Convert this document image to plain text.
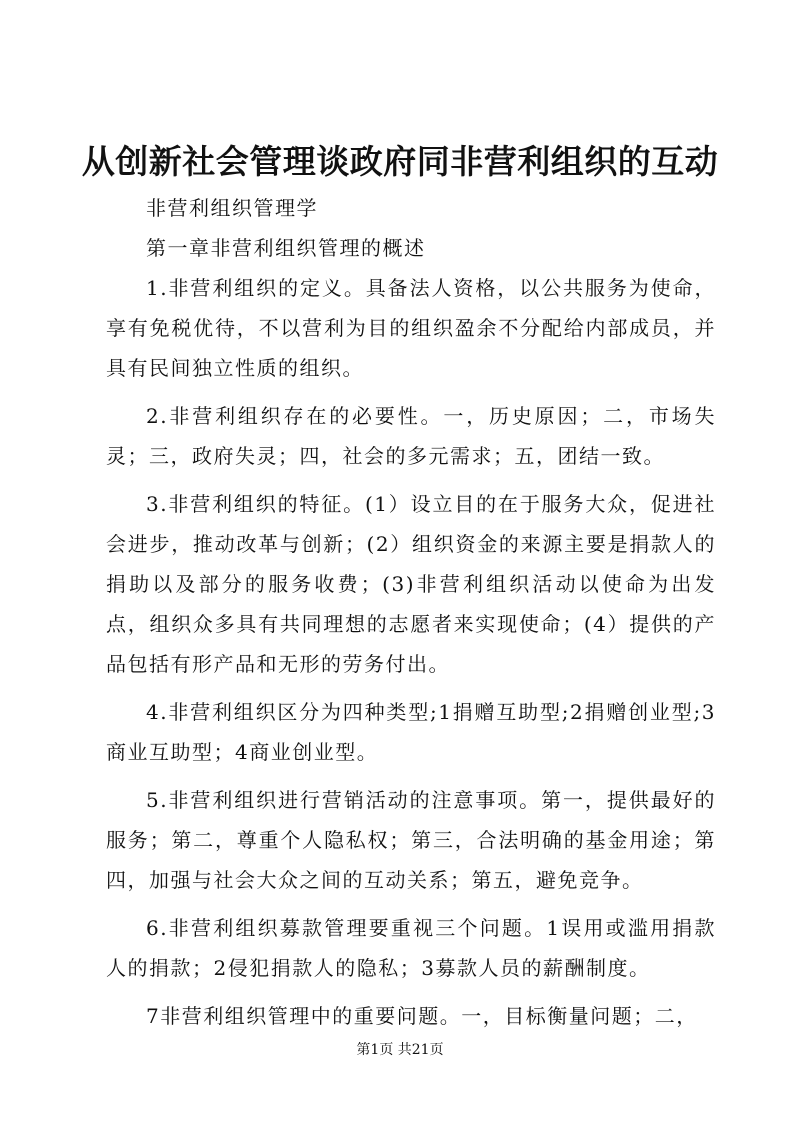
从创新社会管理谈政府同非营利组织的互动

非营利组织管理学

第一章非营利组织管理的概述

1.非营利组织的定义。具备法人资格，以公共服务为使命，享有免税优待，不以营利为目的组织盈余不分配给内部成员，并具有民间独立性质的组织。

2.非营利组织存在的必要性。一，历史原因；二，市场失灵；三，政府失灵；四，社会的多元需求；五，团结一致。

3.非营利组织的特征。(1）设立目的在于服务大众，促进社会进步，推动改革与创新；(2）组织资金的来源主要是捐款人的捐助以及部分的服务收费；(3)非营利组织活动以使命为出发点，组织众多具有共同理想的志愿者来实现使命；(4）提供的产品包括有形产品和无形的劳务付出。

4.非营利组织区分为四种类型;1捐赠互助型;2捐赠创业型;3商业互助型；4商业创业型。

5.非营利组织进行营销活动的注意事项。第一，提供最好的服务；第二，尊重个人隐私权；第三，合法明确的基金用途；第四，加强与社会大众之间的互动关系；第五，避免竞争。

6.非营利组织募款管理要重视三个问题。1误用或滥用捐款人的捐款；2侵犯捐款人的隐私；3募款人员的薪酬制度。

7非营利组织管理中的重要问题。一，目标衡量问题；二，

第1页 共21页
